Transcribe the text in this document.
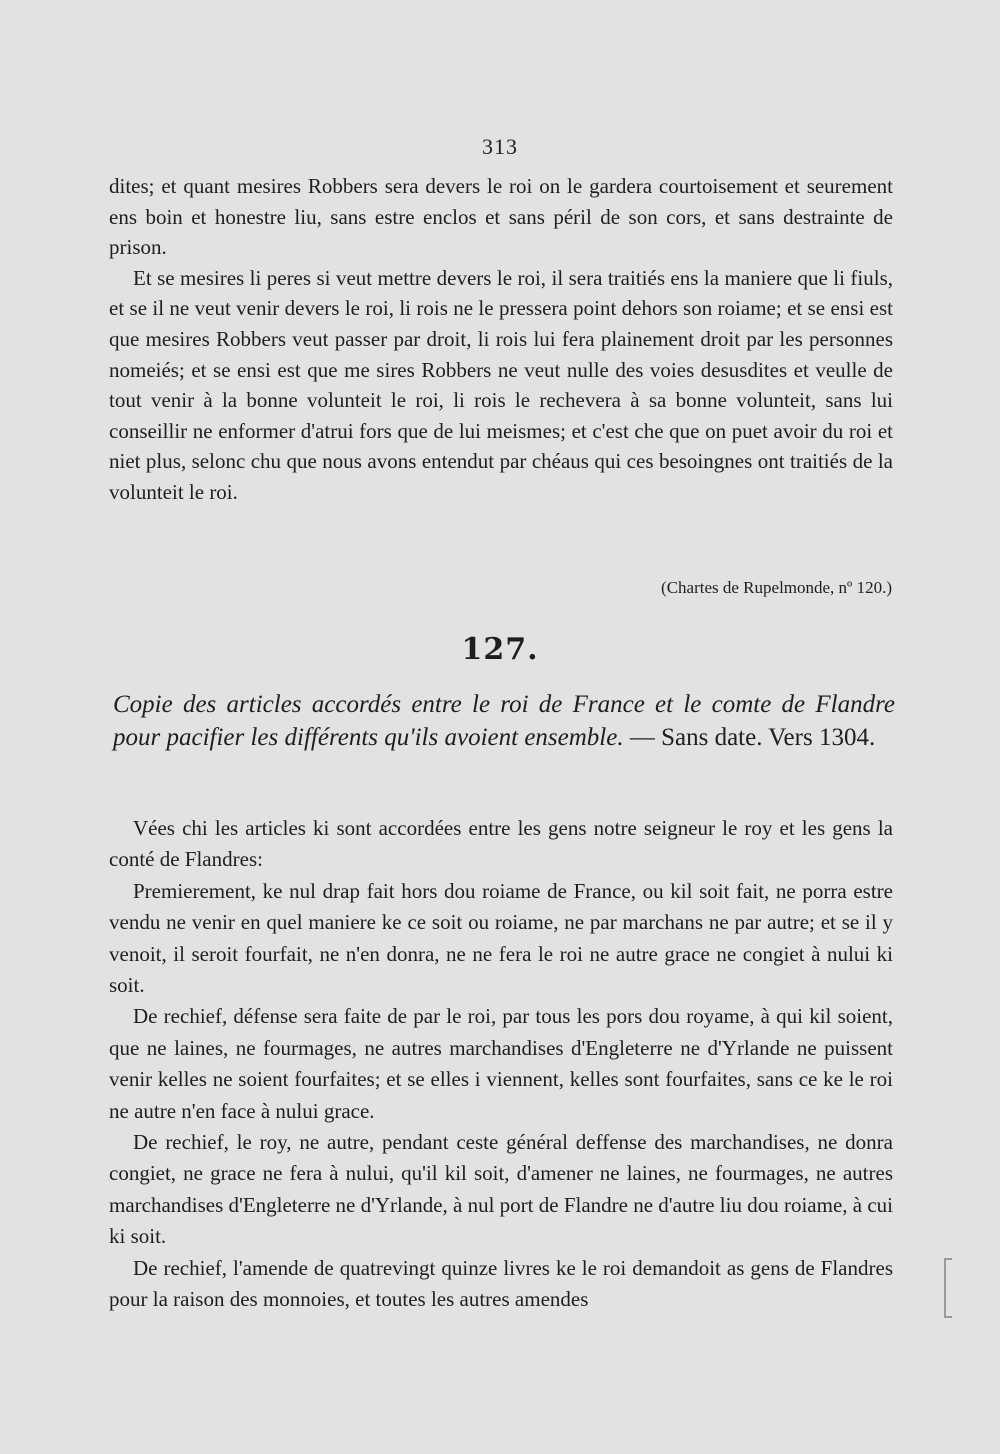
313

dites; et quant mesires Robbers sera devers le roi on le gardera courtoisement et seurement ens boin et honestre liu, sans estre enclos et sans péril de son cors, et sans destrainte de prison.

Et se mesires li peres si veut mettre devers le roi, il sera traitiés ens la maniere que li fiuls, et se il ne veut venir devers le roi, li rois ne le pressera point dehors son roiame; et se ensi est que mesires Robbers veut passer par droit, li rois lui fera plainement droit par les personnes nomeiés; et se ensi est que me sires Robbers ne veut nulle des voies desusdites et veulle de tout venir à la bonne volunteit le roi, li rois le rechevera à sa bonne volunteit, sans lui conseillir ne enformer d'atrui fors que de lui meismes; et c'est che que on puet avoir du roi et niet plus, selonc chu que nous avons entendut par chéaus qui ces besoingnes ont traitiés de la volunteit le roi.

(Chartes de Rupelmonde, nº 120.)
127.
Copie des articles accordés entre le roi de France et le comte de Flandre pour pacifier les différents qu'ils avoient ensemble. — Sans date. Vers 1304.

Vées chi les articles ki sont accordées entre les gens notre seigneur le roy et les gens la conté de Flandres:

Premierement, ke nul drap fait hors dou roiame de France, ou kil soit fait, ne porra estre vendu ne venir en quel maniere ke ce soit ou roiame, ne par marchans ne par autre; et se il y venoit, il seroit fourfait, ne n'en donra, ne ne fera le roi ne autre grace ne congiet à nului ki soit.

De rechief, défense sera faite de par le roi, par tous les pors dou royame, à qui kil soient, que ne laines, ne fourmages, ne autres marchandises d'Engleterre ne d'Yrlande ne puissent venir kelles ne soient fourfaites; et se elles i viennent, kelles sont fourfaites, sans ce ke le roi ne autre n'en face à nului grace.

De rechief, le roy, ne autre, pendant ceste général deffense des marchandises, ne donra congiet, ne grace ne fera à nului, qu'il kil soit, d'amener ne laines, ne fourmages, ne autres marchandises d'Engleterre ne d'Yrlande, à nul port de Flandre ne d'autre liu dou roiame, à cui ki soit.

De rechief, l'amende de quatrevingt quinze livres ke le roi demandoit as gens de Flandres pour la raison des monnoies, et toutes les autres amendes
